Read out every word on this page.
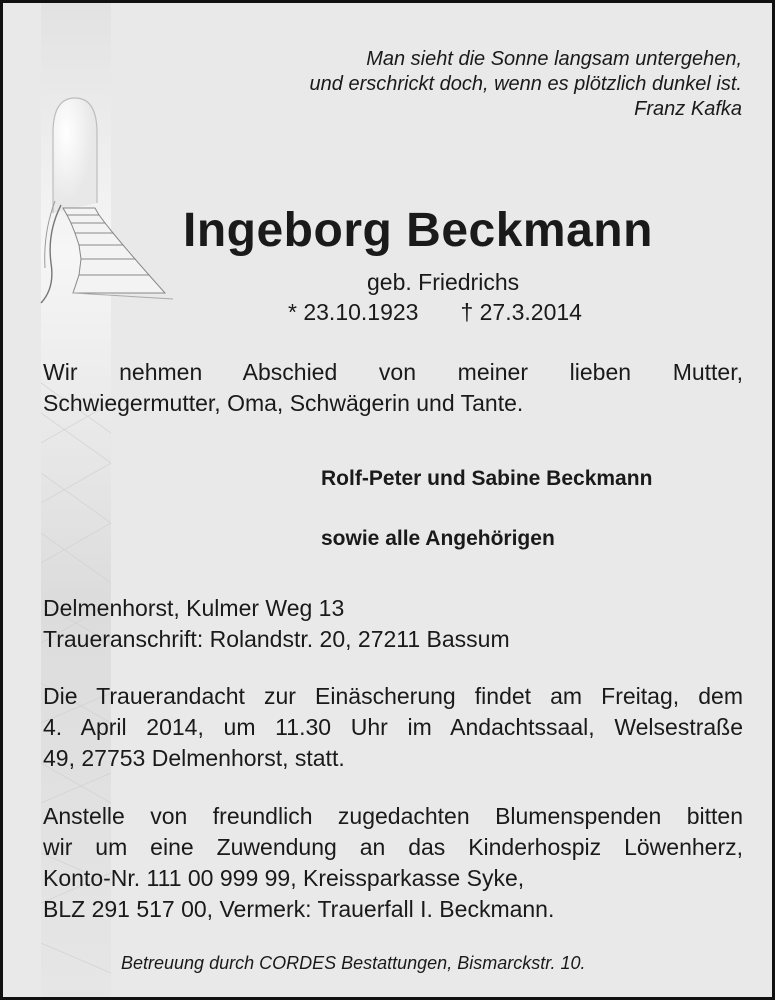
Man sieht die Sonne langsam untergehen,
und erschrickt doch, wenn es plötzlich dunkel ist.
Franz Kafka
Ingeborg Beckmann
geb. Friedrichs
* 23.10.1923 † 27.3.2014
Wir nehmen Abschied von meiner lieben Mutter,
Schwiegermutter, Oma, Schwägerin und Tante.
Rolf-Peter und Sabine Beckmann
sowie alle Angehörigen
Delmenhorst, Kulmer Weg 13
Traueranschrift: Rolandstr. 20, 27211 Bassum
Die Trauerandacht zur Einäscherung findet am Freitag, dem
4. April 2014, um 11.30 Uhr im Andachtssaal, Welsestraße
49, 27753 Delmenhorst, statt.
Anstelle von freundlich zugedachten Blumenspenden bitten
wir um eine Zuwendung an das Kinderhospiz Löwenherz,
Konto-Nr. 111 00 999 99, Kreissparkasse Syke,
BLZ 291 517 00, Vermerk: Trauerfall I. Beckmann.
Betreuung durch CORDES Bestattungen, Bismarckstr. 10.
